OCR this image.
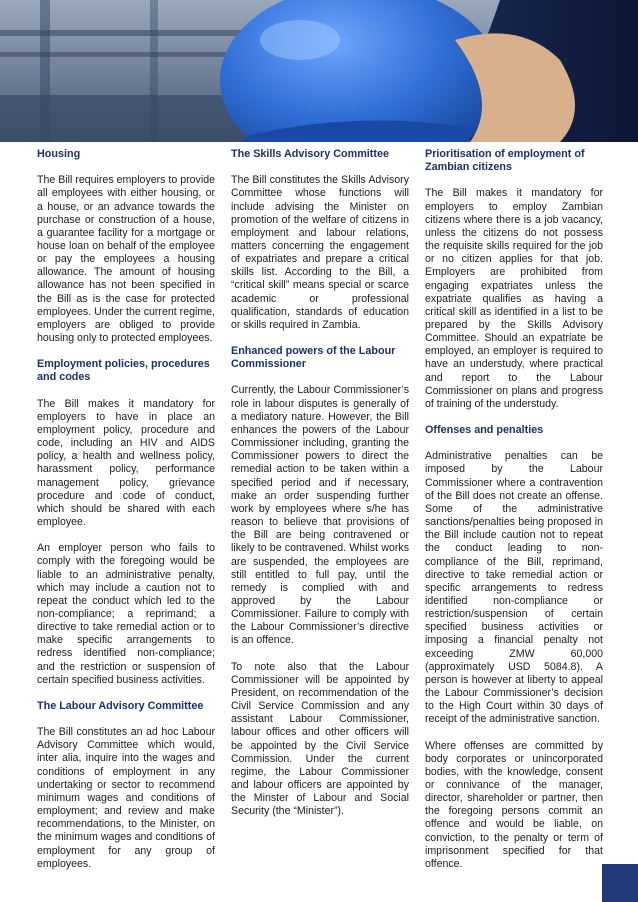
Housing

The Bill requires employers to provide all employees with either housing, or a house, or an advance towards the purchase or construction of a house, a guarantee facility for a mortgage or house loan on behalf of the employee or pay the employees a housing allowance. The amount of housing allowance has not been specified in the Bill as is the case for protected employees. Under the current regime, employers are obliged to provide housing only to protected employees.

Employment policies, procedures and codes

The Bill makes it mandatory for employers to have in place an employment policy, procedure and code, including an HIV and AIDS policy, a health and wellness policy, harassment policy, performance management policy, grievance procedure and code of conduct, which should be shared with each employee.

An employer person who fails to comply with the foregoing would be liable to an administrative penalty, which may include a caution not to repeat the conduct which led to the non-compliance; a reprimand; a directive to take remedial action or to make specific arrangements to redress identified non-compliance; and the restriction or suspension of certain specified business activities.

The Labour Advisory Committee

The Bill constitutes an ad hoc Labour Advisory Committee which would, inter alia, inquire into the wages and conditions of employment in any undertaking or sector to recommend minimum wages and conditions of employment; and review and make recommendations, to the Minister, on the minimum wages and conditions of employment for any group of employees.

The Skills Advisory Committee

The Bill constitutes the Skills Advisory Committee whose functions will include advising the Minister on promotion of the welfare of citizens in employment and labour relations, matters concerning the engagement of expatriates and prepare a critical skills list. According to the Bill, a “critical skill” means special or scarce academic or professional qualification, standards of education or skills required in Zambia.

Enhanced powers of the Labour Commissioner

Currently, the Labour Commissioner’s role in labour disputes is generally of a mediatory nature. However, the Bill enhances the powers of the Labour Commissioner including, granting the Commissioner powers to direct the remedial action to be taken within a specified period and if necessary, make an order suspending further work by employees where s/he has reason to believe that provisions of the Bill are being contravened or likely to be contravened. Whilst works are suspended, the employees are still entitled to full pay, until the remedy is complied with and approved by the Labour Commissioner. Failure to comply with the Labour Commissioner’s directive is an offence.

To note also that the Labour Commissioner will be appointed by President, on recommendation of the Civil Service Commission and any assistant Labour Commissioner, labour offices and other officers will be appointed by the Civil Service Commission. Under the current regime, the Labour Commissioner and labour officers are appointed by the Minster of Labour and Social Security (the “Minister”).

Prioritisation of employment of Zambian citizens

The Bill makes it mandatory for employers to employ Zambian citizens where there is a job vacancy, unless the citizens do not possess the requisite skills required for the job or no citizen applies for that job. Employers are prohibited from engaging expatriates unless the expatriate qualifies as having a critical skill as identified in a list to be prepared by the Skills Advisory Committee. Should an expatriate be employed, an employer is required to have an understudy, where practical and report to the Labour Commissioner on plans and progress of training of the understudy.

Offenses and penalties

Administrative penalties can be imposed by the Labour Commissioner where a contravention of the Bill does not create an offense. Some of the administrative sanctions/penalties being proposed in the Bill include caution not to repeat the conduct leading to non- compliance of the Bill, reprimand, directive to take remedial action or specific arrangements to redress identified non-compliance or restriction/suspension of certain specified business activities or imposing a financial penalty not exceeding ZMW 60,000 (approximately USD 5084.8). A person is however at liberty to appeal the Labour Commissioner’s decision to the High Court within 30 days of receipt of the administrative sanction.

Where offenses are committed by body corporates or unincorporated bodies, with the knowledge, consent or connivance of the manager, director, shareholder or partner, then the foregoing persons commit an offence and would be liable, on conviction, to the penalty or term of imprisonment specified for that offence.
